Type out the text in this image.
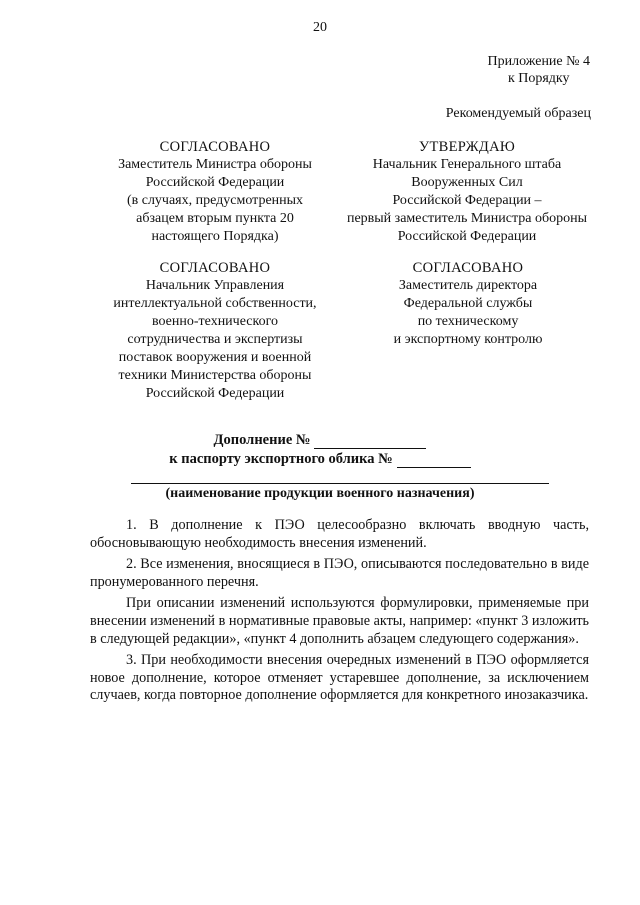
20
Приложение № 4
к Порядку
Рекомендуемый образец
СОГЛАСОВАНО
Заместитель Министра обороны
Российской Федерации
(в случаях, предусмотренных
абзацем вторым пункта 20
настоящего Порядка)
УТВЕРЖДАЮ
Начальник Генерального штаба
Вооруженных Сил
Российской Федерации –
первый заместитель Министра обороны
Российской Федерации
СОГЛАСОВАНО
Начальник Управления
интеллектуальной собственности,
военно-технического
сотрудничества и экспертизы
поставок вооружения и военной
техники Министерства обороны
Российской Федерации
СОГЛАСОВАНО
Заместитель директора
Федеральной службы
по техническому
и экспортному контролю
Дополнение №
к паспорту экспортного облика №
(наименование продукции военного назначения)

1. В дополнение к ПЭО целесообразно включать вводную часть, обосновывающую необходимость внесения изменений.

2. Все изменения, вносящиеся в ПЭО, описываются последовательно в виде пронумерованного перечня.

При описании изменений используются формулировки, применяемые при внесении изменений в нормативные правовые акты, например: «пункт 3 изложить в следующей редакции», «пункт 4 дополнить абзацем следующего содержания».

3. При необходимости внесения очередных изменений в ПЭО оформляется новое дополнение, которое отменяет устаревшее дополнение, за исключением случаев, когда повторное дополнение оформляется для конкретного инозаказчика.
